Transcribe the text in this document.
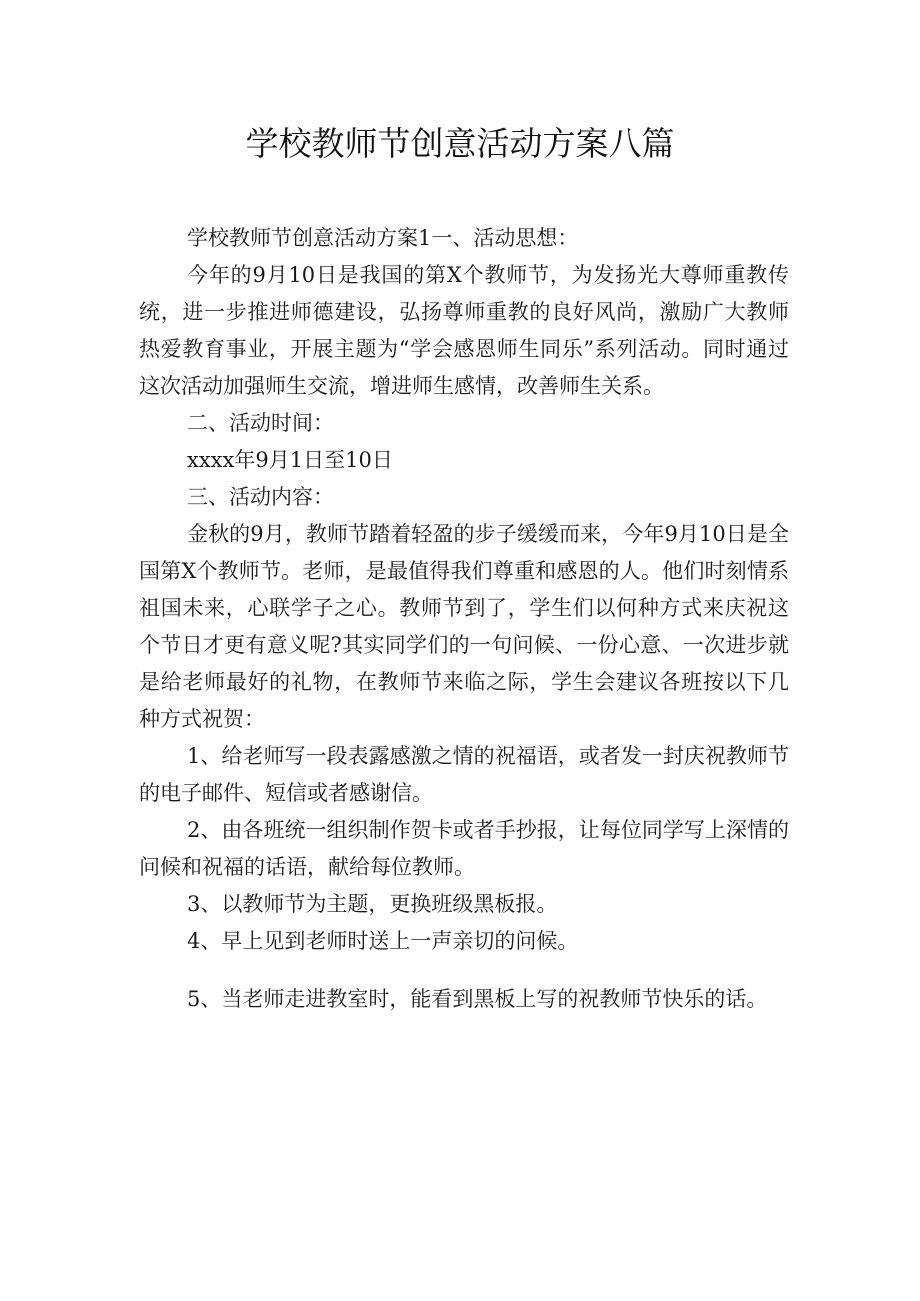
学校教师节创意活动方案八篇

学校教师节创意活动方案1一、活动思想：

今年的9月10日是我国的第X个教师节，为发扬光大尊师重教传统，进一步推进师德建设，弘扬尊师重教的良好风尚，激励广大教师热爱教育事业，开展主题为“学会感恩师生同乐”系列活动。同时通过这次活动加强师生交流，增进师生感情，改善师生关系。

二、活动时间：

xxxx年9月1日至10日

三、活动内容：

金秋的9月，教师节踏着轻盈的步子缓缓而来，今年9月10日是全国第X个教师节。老师，是最值得我们尊重和感恩的人。他们时刻情系祖国未来，心联学子之心。教师节到了，学生们以何种方式来庆祝这个节日才更有意义呢?其实同学们的一句问候、一份心意、一次进步就是给老师最好的礼物，在教师节来临之际，学生会建议各班按以下几种方式祝贺：

1、给老师写一段表露感激之情的祝福语，或者发一封庆祝教师节的电子邮件、短信或者感谢信。

2、由各班统一组织制作贺卡或者手抄报，让每位同学写上深情的问候和祝福的话语，献给每位教师。

3、以教师节为主题，更换班级黑板报。

4、早上见到老师时送上一声亲切的问候。

5、当老师走进教室时，能看到黑板上写的祝教师节快乐的话。
